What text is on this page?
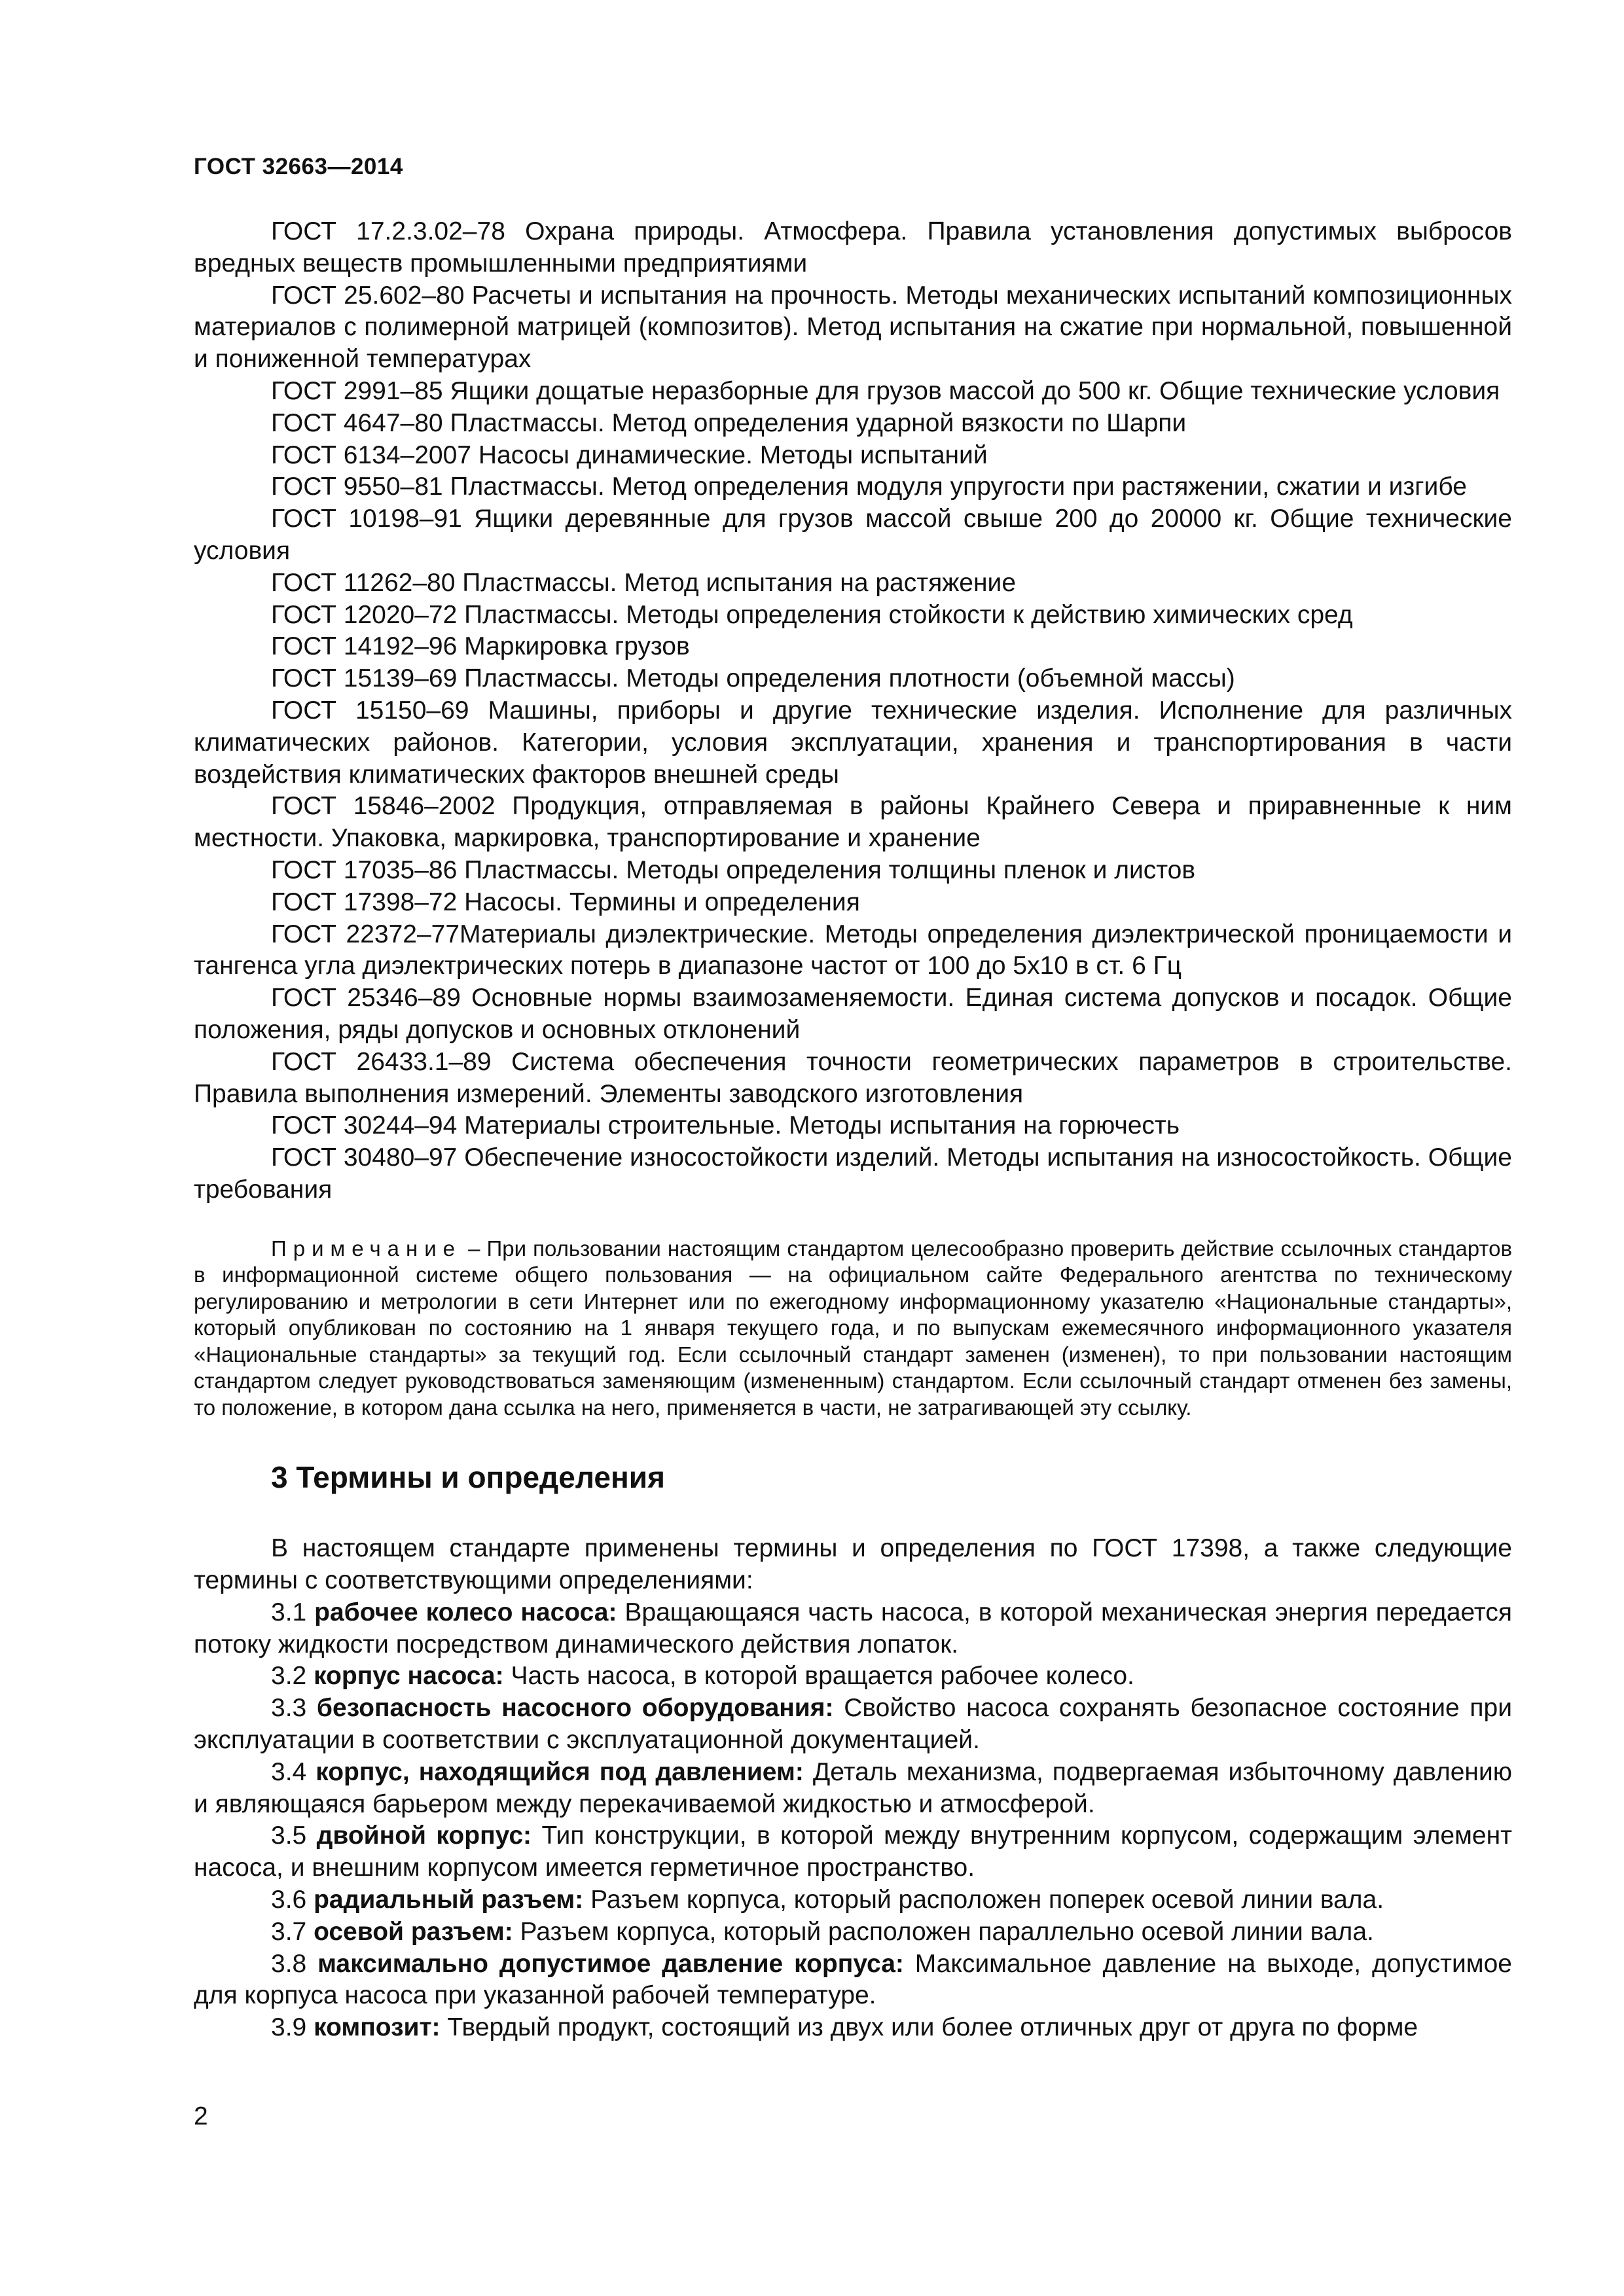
ГОСТ 32663—2014

ГОСТ 17.2.3.02–78 Охрана природы. Атмосфера. Правила установления допустимых выбросов вредных веществ промышленными предприятиями

ГОСТ 25.602–80 Расчеты и испытания на прочность. Методы механических испытаний композиционных материалов с полимерной матрицей (композитов). Метод испытания на сжатие при нормальной, повышенной и пониженной температурах

ГОСТ 2991–85 Ящики дощатые неразборные для грузов массой до 500 кг. Общие технические условия

ГОСТ 4647–80 Пластмассы. Метод определения ударной вязкости по Шарпи

ГОСТ 6134–2007 Насосы динамические. Методы испытаний

ГОСТ 9550–81 Пластмассы. Метод определения модуля упругости при растяжении, сжатии и изгибе

ГОСТ 10198–91 Ящики деревянные для грузов массой свыше 200 до 20000 кг. Общие технические условия

ГОСТ 11262–80 Пластмассы. Метод испытания на растяжение

ГОСТ 12020–72 Пластмассы. Методы определения стойкости к действию химических сред

ГОСТ 14192–96 Маркировка грузов

ГОСТ 15139–69 Пластмассы. Методы определения плотности (объемной массы)

ГОСТ 15150–69 Машины, приборы и другие технические изделия. Исполнение для различных климатических районов. Категории, условия эксплуатации, хранения и транспортирования в части воздействия климатических факторов внешней среды

ГОСТ 15846–2002 Продукция, отправляемая в районы Крайнего Севера и приравненные к ним местности. Упаковка, маркировка, транспортирование и хранение

ГОСТ 17035–86 Пластмассы. Методы определения толщины пленок и листов

ГОСТ 17398–72 Насосы. Термины и определения

ГОСТ 22372–77Материалы диэлектрические. Методы определения диэлектрической проницаемости и тангенса угла диэлектрических потерь в диапазоне частот от 100 до 5х10 в ст. 6 Гц

ГОСТ 25346–89 Основные нормы взаимозаменяемости. Единая система допусков и посадок. Общие положения, ряды допусков и основных отклонений

ГОСТ 26433.1–89 Система обеспечения точности геометрических параметров в строительстве. Правила выполнения измерений. Элементы заводского изготовления

ГОСТ 30244–94 Материалы строительные. Методы испытания на горючесть

ГОСТ 30480–97 Обеспечение износостойкости изделий. Методы испытания на износостойкость. Общие требования

Примечание – При пользовании настоящим стандартом целесообразно проверить действие ссылочных стандартов в информационной системе общего пользования — на официальном сайте Федерального агентства по техническому регулированию и метрологии в сети Интернет или по ежегодному информационному указателю «Национальные стандарты», который опубликован по состоянию на 1 января текущего года, и по выпускам ежемесячного информационного указателя «Национальные стандарты» за текущий год. Если ссылочный стандарт заменен (изменен), то при пользовании настоящим стандартом следует руководствоваться заменяющим (измененным) стандартом. Если ссылочный стандарт отменен без замены, то положение, в котором дана ссылка на него, применяется в части, не затрагивающей эту ссылку.

3 Термины и определения

В настоящем стандарте применены термины и определения по ГОСТ 17398, а также следующие термины с соответствующими определениями:

3.1 рабочее колесо насоса: Вращающаяся часть насоса, в которой механическая энергия передается потоку жидкости посредством динамического действия лопаток.

3.2 корпус насоса: Часть насоса, в которой вращается рабочее колесо.

3.3 безопасность насосного оборудования: Свойство насоса сохранять безопасное состояние при эксплуатации в соответствии с эксплуатационной документацией.

3.4 корпус, находящийся под давлением: Деталь механизма, подвергаемая избыточному давлению и являющаяся барьером между перекачиваемой жидкостью и атмосферой.

3.5 двойной корпус: Тип конструкции, в которой между внутренним корпусом, содержащим элемент насоса, и внешним корпусом имеется герметичное пространство.

3.6 радиальный разъем: Разъем корпуса, который расположен поперек осевой линии вала.

3.7 осевой разъем: Разъем корпуса, который расположен параллельно осевой линии вала.

3.8 максимально допустимое давление корпуса: Максимальное давление на выходе, допустимое для корпуса насоса при указанной рабочей температуре.

3.9 композит: Твердый продукт, состоящий из двух или более отличных друг от друга по форме

2
